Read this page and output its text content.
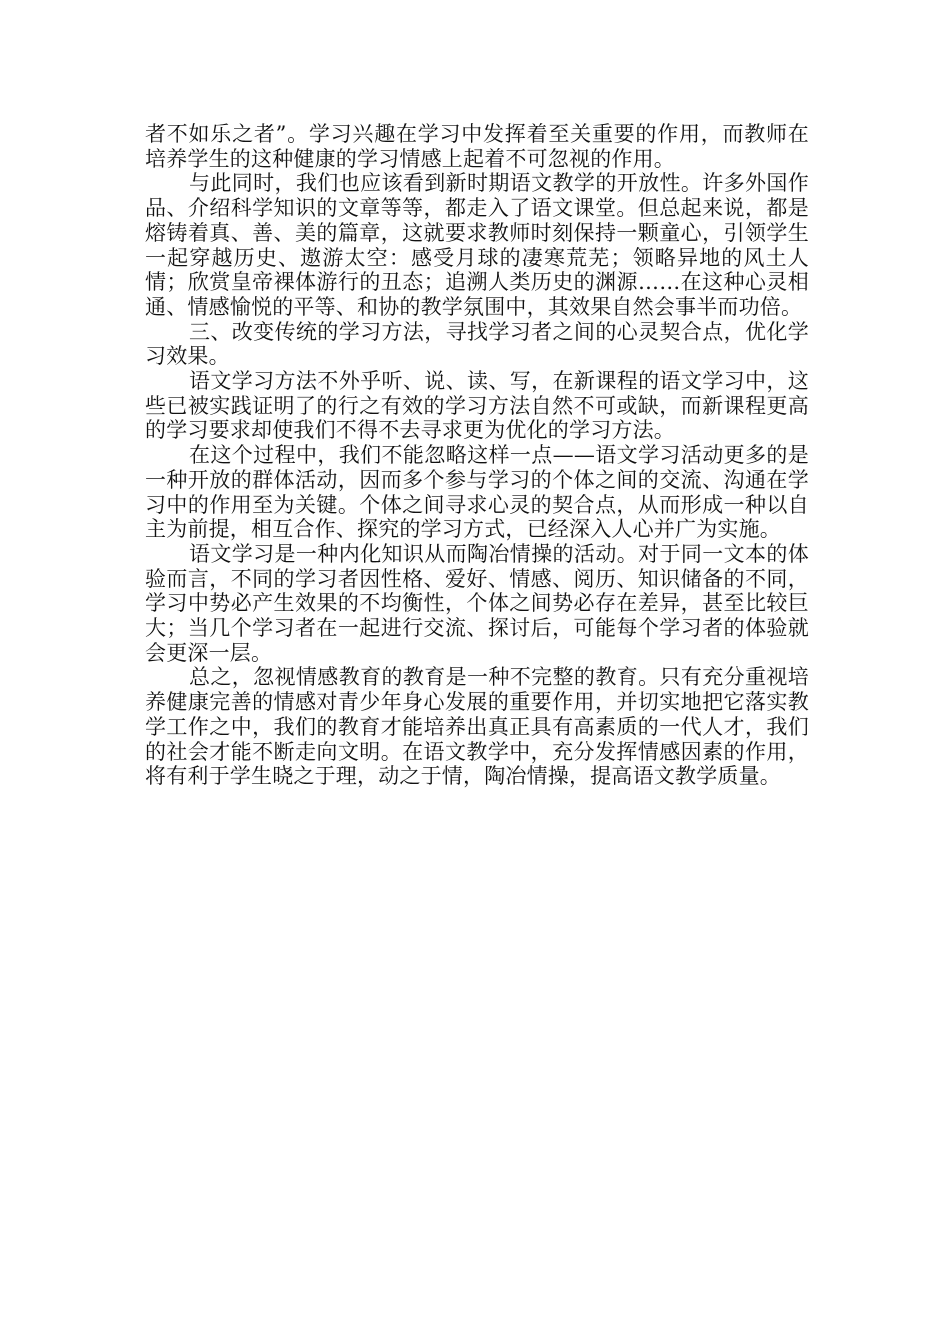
者不如乐之者”。学习兴趣在学习中发挥着至关重要的作用，而教师在培养学生的这种健康的学习情感上起着不可忽视的作用。

与此同时，我们也应该看到新时期语文教学的开放性。许多外国作品、介绍科学知识的文章等等，都走入了语文课堂。但总起来说，都是熔铸着真、善、美的篇章，这就要求教师时刻保持一颗童心，引领学生一起穿越历史、遨游太空：感受月球的凄寒荒芜；领略异地的风土人情；欣赏皇帝裸体游行的丑态；追溯人类历史的渊源……在这种心灵相通、情感愉悦的平等、和协的教学氛围中，其效果自然会事半而功倍。

三、改变传统的学习方法，寻找学习者之间的心灵契合点，优化学习效果。

语文学习方法不外乎听、说、读、写，在新课程的语文学习中，这些已被实践证明了的行之有效的学习方法自然不可或缺，而新课程更高的学习要求却使我们不得不去寻求更为优化的学习方法。

在这个过程中，我们不能忽略这样一点——语文学习活动更多的是一种开放的群体活动，因而多个参与学习的个体之间的交流、沟通在学习中的作用至为关键。个体之间寻求心灵的契合点，从而形成一种以自主为前提，相互合作、探究的学习方式，已经深入人心并广为实施。

语文学习是一种内化知识从而陶冶情操的活动。对于同一文本的体验而言，不同的学习者因性格、爱好、情感、阅历、知识储备的不同，学习中势必产生效果的不均衡性，个体之间势必存在差异，甚至比较巨大；当几个学习者在一起进行交流、探讨后，可能每个学习者的体验就会更深一层。

总之，忽视情感教育的教育是一种不完整的教育。只有充分重视培养健康完善的情感对青少年身心发展的重要作用，并切实地把它落实教学工作之中，我们的教育才能培养出真正具有高素质的一代人才，我们的社会才能不断走向文明。在语文教学中，充分发挥情感因素的作用，将有利于学生晓之于理，动之于情，陶冶情操，提高语文教学质量。
